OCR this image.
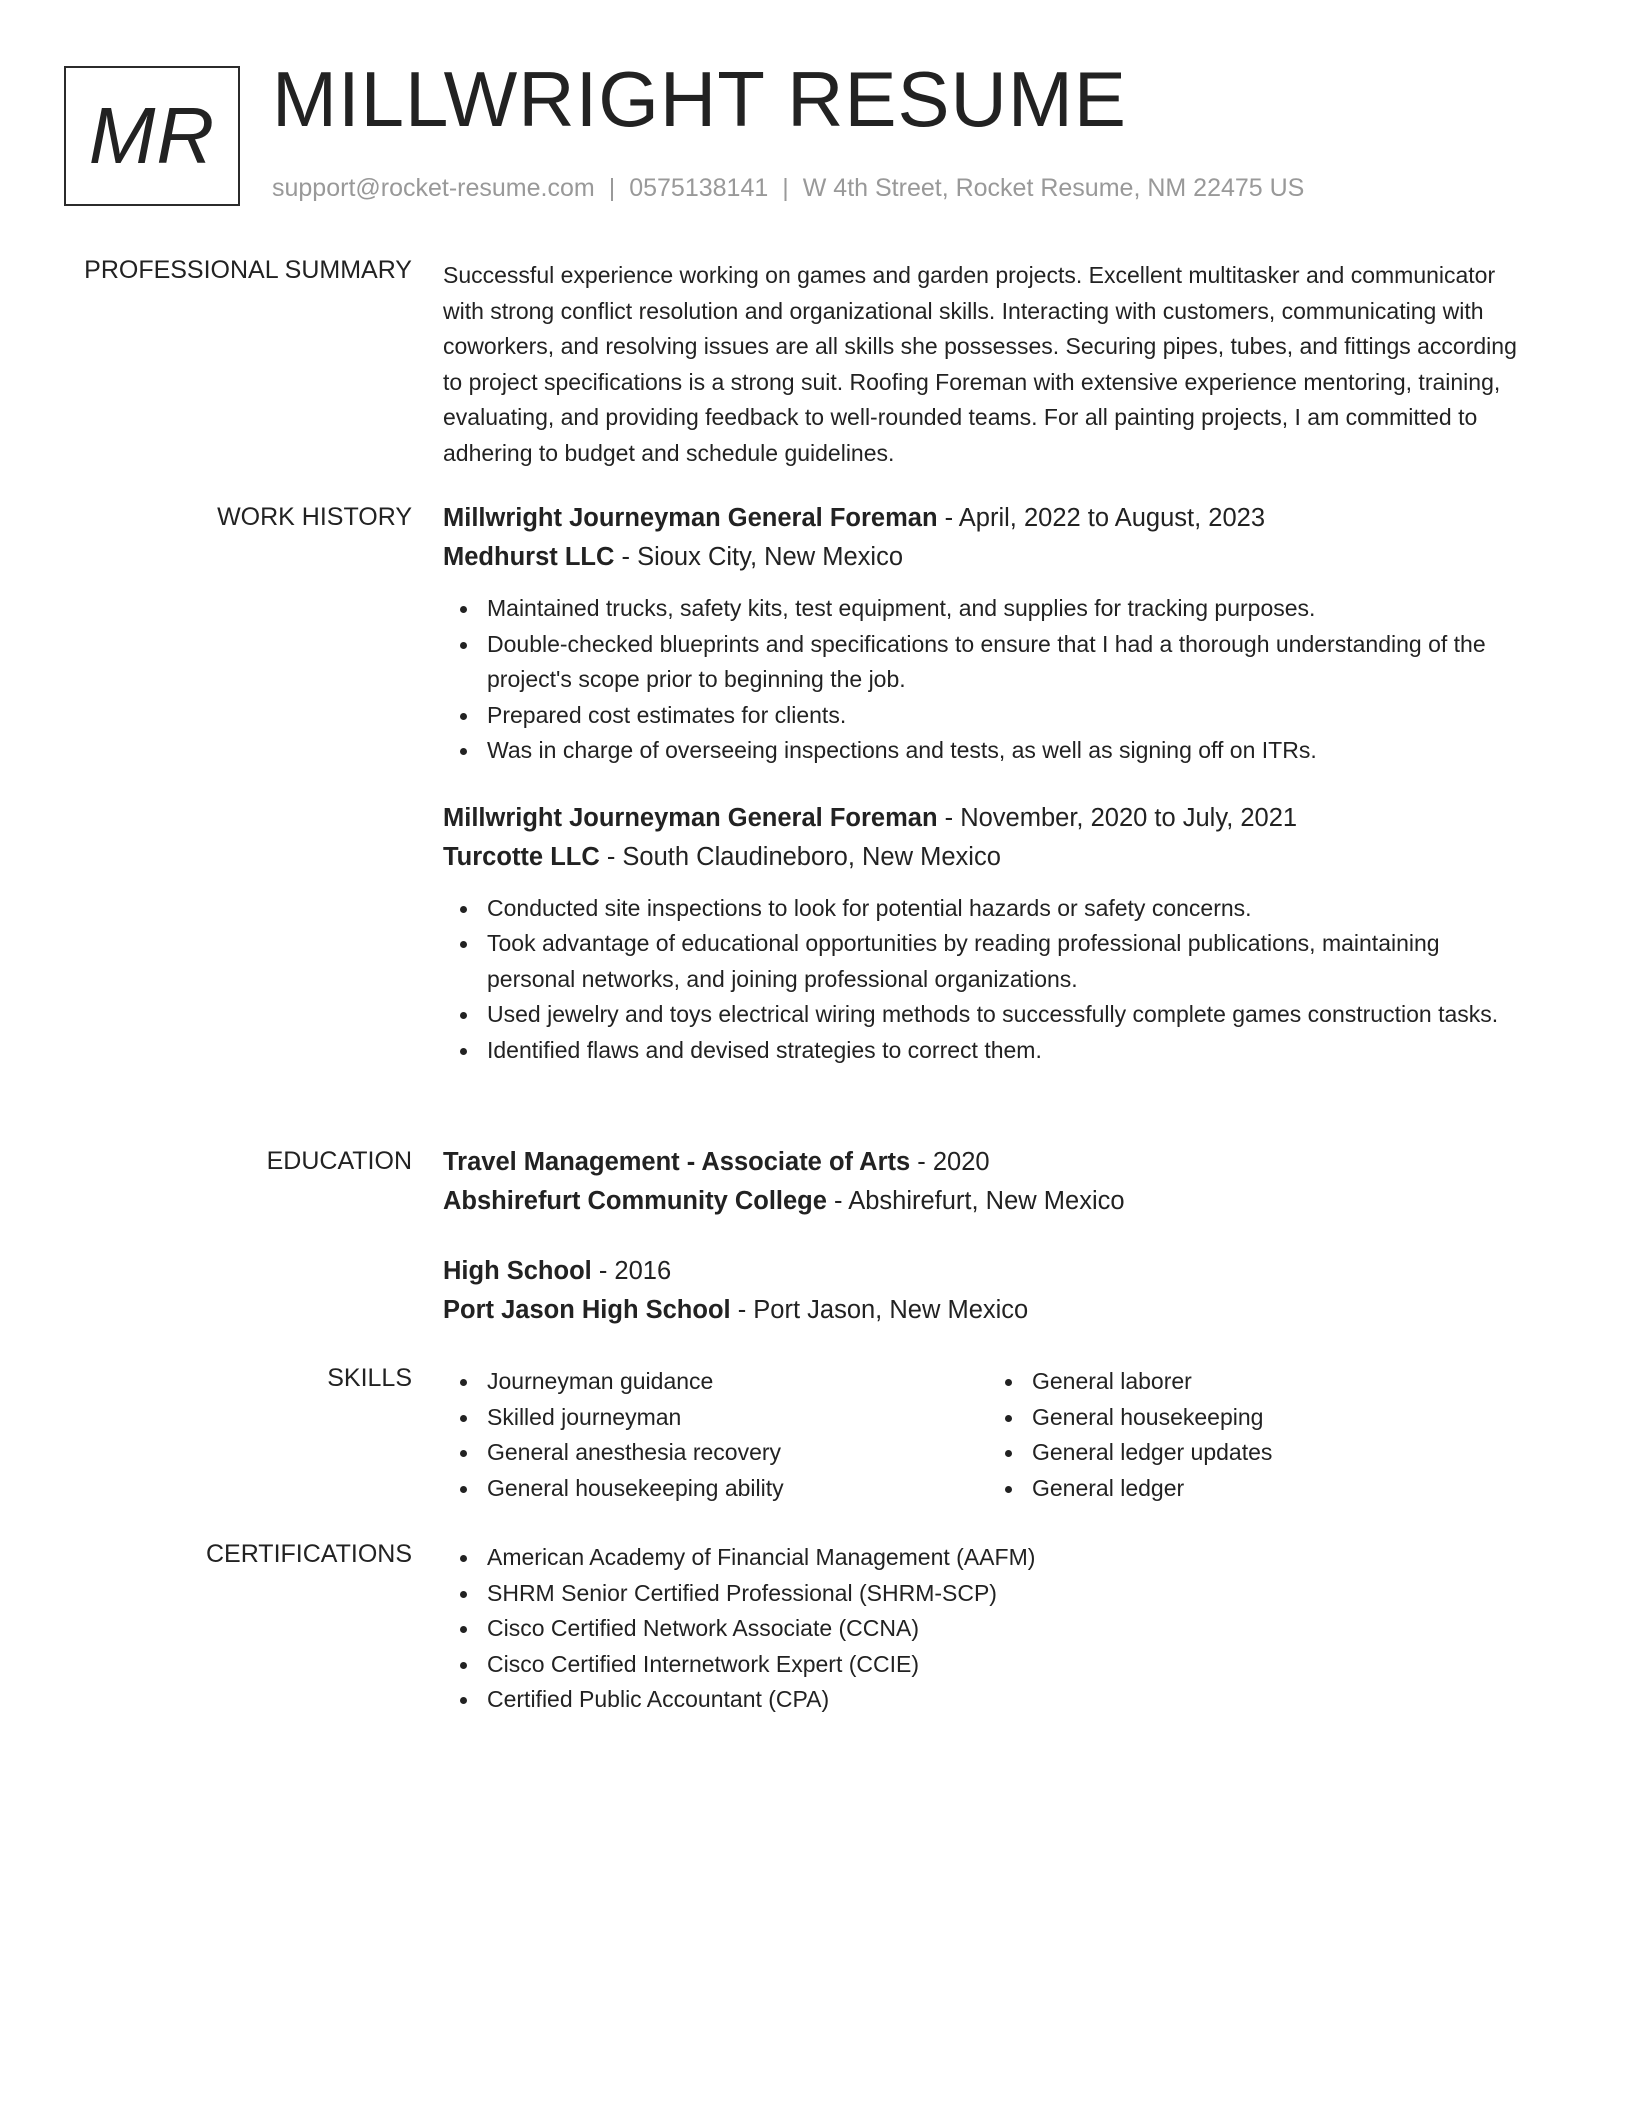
MR MILLWRIGHT RESUME
support@rocket-resume.com | 0575138141 | W 4th Street, Rocket Resume, NM 22475 US
PROFESSIONAL SUMMARY Successful experience working on games and garden projects. Excellent multitasker and communicator with strong conflict resolution and organizational skills. Interacting with customers, communicating with coworkers, and resolving issues are all skills she possesses. Securing pipes, tubes, and fittings according to project specifications is a strong suit. Roofing Foreman with extensive experience mentoring, training, evaluating, and providing feedback to well-rounded teams. For all painting projects, I am committed to adhering to budget and schedule guidelines.

WORK HISTORY Millwright Journeyman General Foreman - April, 2022 to August, 2023
Medhurst LLC - Sioux City, New Mexico
Maintained trucks, safety kits, test equipment, and supplies for tracking purposes.
Double-checked blueprints and specifications to ensure that I had a thorough understanding of the project's scope prior to beginning the job.
Prepared cost estimates for clients.
Was in charge of overseeing inspections and tests, as well as signing off on ITRs.
Millwright Journeyman General Foreman - November, 2020 to July, 2021
Turcotte LLC - South Claudineboro, New Mexico
Conducted site inspections to look for potential hazards or safety concerns.
Took advantage of educational opportunities by reading professional publications, maintaining personal networks, and joining professional organizations.
Used jewelry and toys electrical wiring methods to successfully complete games construction tasks.
Identified flaws and devised strategies to correct them.
EDUCATION Travel Management - Associate of Arts - 2020
Abshirefurt Community College - Abshirefurt, New Mexico
High School - 2016
Port Jason High School - Port Jason, New Mexico
SKILLS	Journeyman guidance
Skilled journeyman
General anesthesia recovery
General housekeeping ability
General laborer
General housekeeping
General ledger updates
General ledger
CERTIFICATIONS	American Academy of Financial Management (AAFM)
SHRM Senior Certified Professional (SHRM-SCP)
Cisco Certified Network Associate (CCNA)
Cisco Certified Internetwork Expert (CCIE)
Certified Public Accountant (CPA)
